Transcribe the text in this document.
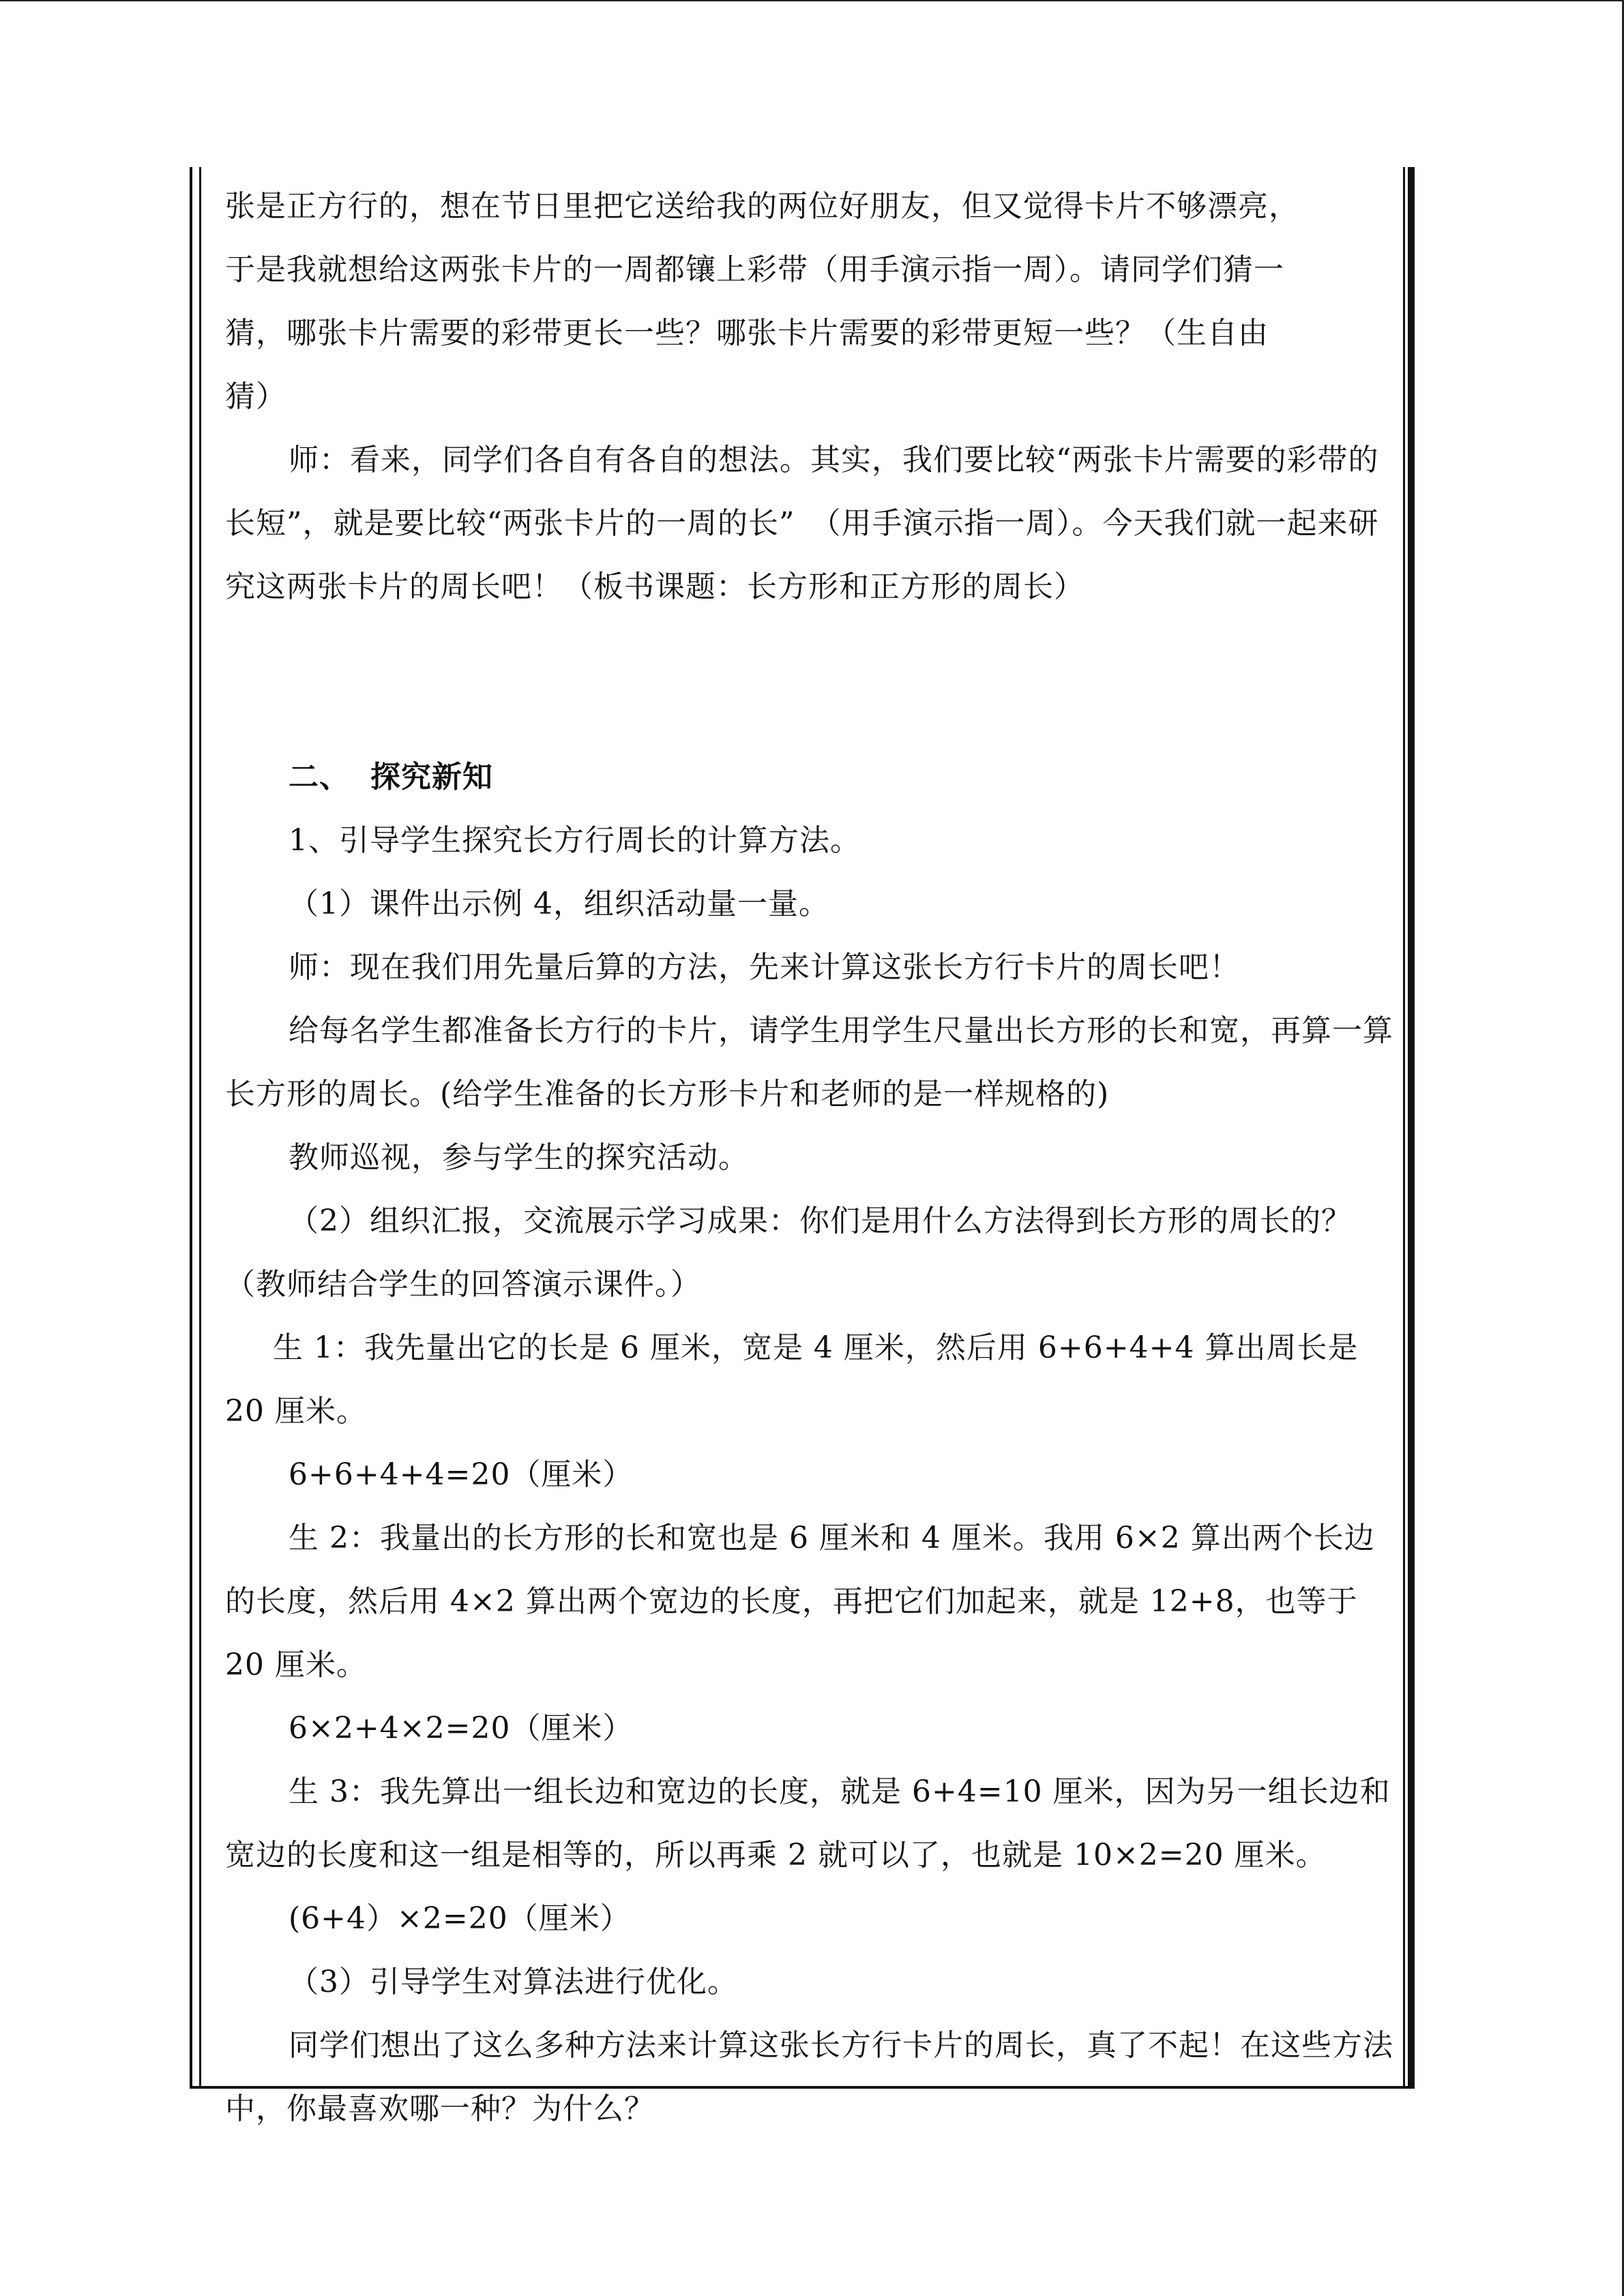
张是正方行的，想在节日里把它送给我的两位好朋友，但又觉得卡片不够漂亮，

于是我就想给这两张卡片的一周都镶上彩带（用手演示指一周）。请同学们猜一

猜，哪张卡片需要的彩带更长一些？哪张卡片需要的彩带更短一些？（生自由

猜）

师：看来，同学们各自有各自的想法。其实，我们要比较“两张卡片需要的彩带的长短”，就是要比较“两张卡片的一周的长”　（用手演示指一周）。今天我们就一起来研究这两张卡片的周长吧！（板书课题：长方形和正方形的周长）

二、 探究新知

1、引导学生探究长方行周长的计算方法。

（1）课件出示例 4，组织活动量一量。

师：现在我们用先量后算的方法，先来计算这张长方行卡片的周长吧！

给每名学生都准备长方行的卡片，请学生用学生尺量出长方形的长和宽，再算一算长方形的周长。(给学生准备的长方形卡片和老师的是一样规格的)

教师巡视，参与学生的探究活动。

（2）组织汇报，交流展示学习成果：你们是用什么方法得到长方形的周长的？（教师结合学生的回答演示课件。）

生 1：我先量出它的长是 6 厘米，宽是 4 厘米，然后用 6+6+4+4 算出周长是 20 厘米。

6+6+4+4=20（厘米）

生 2：我量出的长方形的长和宽也是 6 厘米和 4 厘米。我用 6×2 算出两个长边的长度，然后用 4×2 算出两个宽边的长度，再把它们加起来，就是 12+8，也等于 20 厘米。

6×2+4×2=20（厘米）

生 3：我先算出一组长边和宽边的长度，就是 6+4=10 厘米，因为另一组长边和宽边的长度和这一组是相等的，所以再乘 2 就可以了，也就是 10×2=20 厘米。

(6+4）×2=20（厘米）

（3）引导学生对算法进行优化。

同学们想出了这么多种方法来计算这张长方行卡片的周长，真了不起！在这些方法中，你最喜欢哪一种？为什么？
